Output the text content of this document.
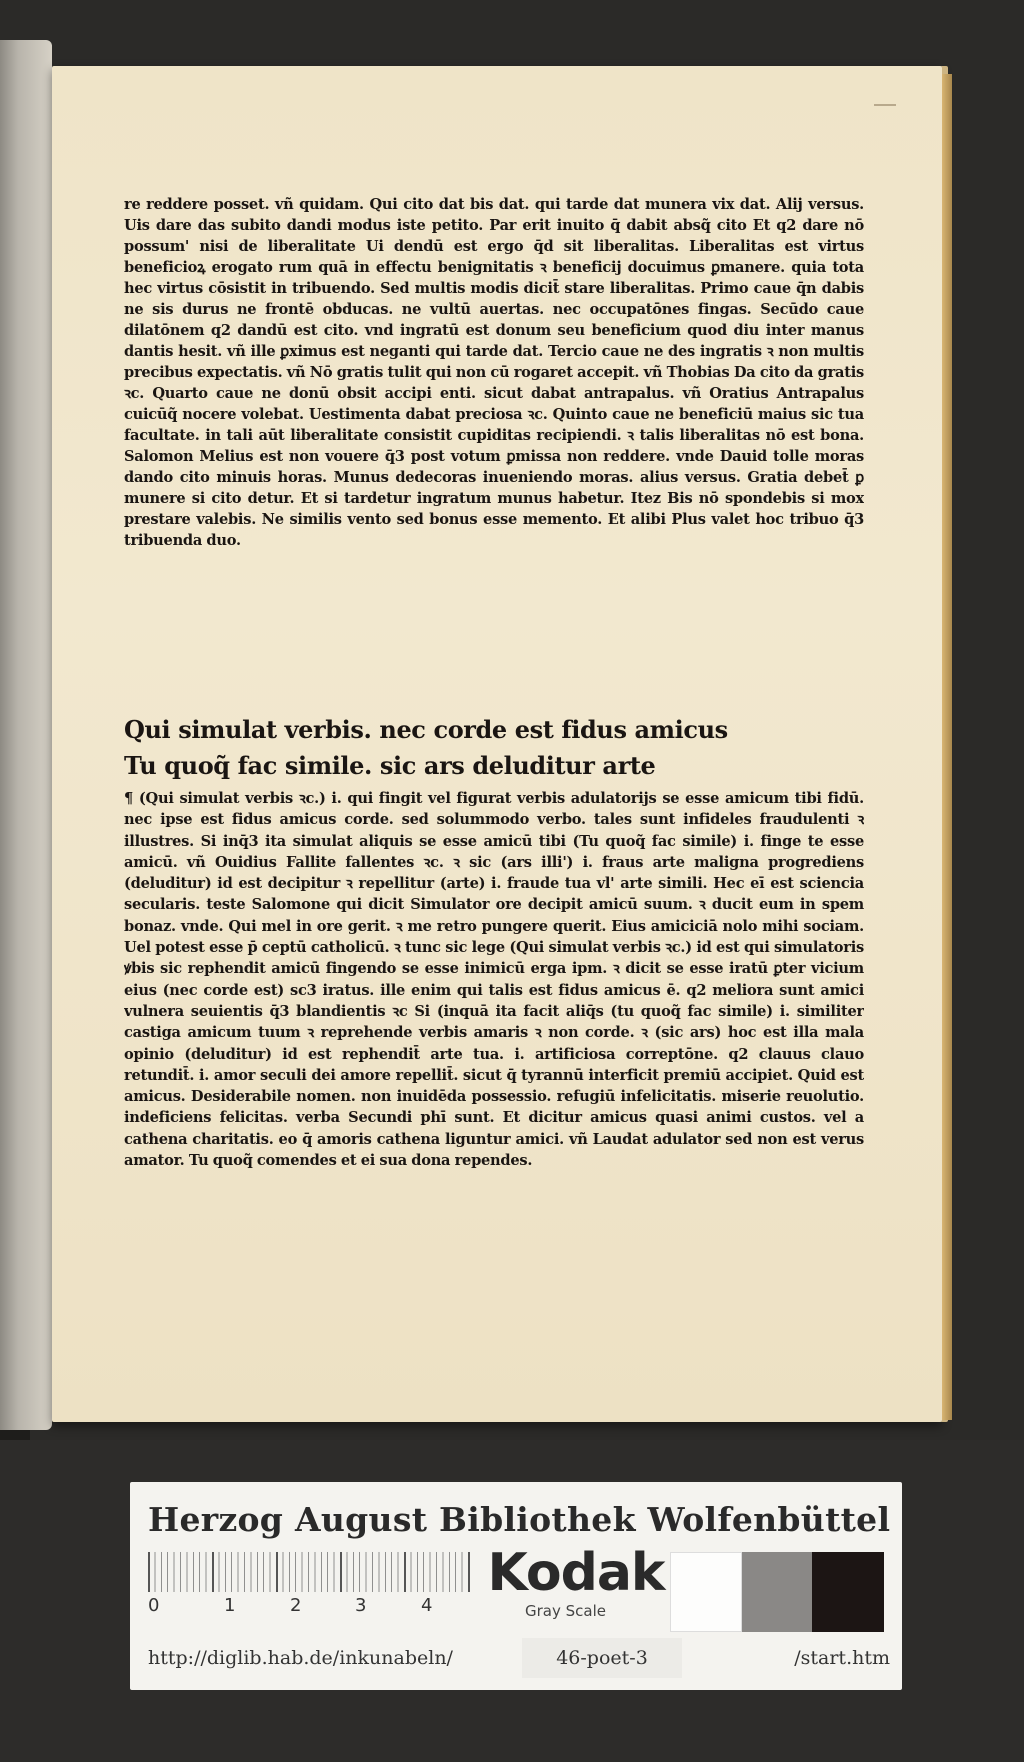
re reddere posset. vñ quidam. Qui cito dat bis dat. qui tarde dat munera vix dat. Alij versus. Uis dare das subito dandi modus iste petito. Par erit inuito q̄ dabit absq̃ cito Et q2 dare nō possum' nisi de liberalitate Ui dendū est ergo q̄d sit liberalitas. Liberalitas est virtus beneficioꝝ erogato rum quā in effectu benignitatis ꝛ beneficij docuimus ꝑmanere. quia tota hec virtus cōsistit in tribuendo. Sed multis modis dicit̄ stare liberalitas. Primo caue q̄n dabis ne sis durus ne frontē obducas. ne vultū auertas. nec occupatōnes fingas. Secūdo caue dilatōnem q2 dandū est cito. vnd ingratū est donum seu beneficium quod diu inter manus dantis hesit. vñ ille ꝑximus est neganti qui tarde dat. Tercio caue ne des ingratis ꝛ non multis precibus expectatis. vñ Nō gratis tulit qui non cū rogaret accepit. vñ Thobias Da cito da gratis ꝛc. Quarto caue ne donū obsit accipi enti. sicut dabat antrapalus. vñ Oratius Antrapalus cuicūq̃ nocere volebat. Uestimenta dabat preciosa ꝛc. Quinto caue ne beneficiū maius sic tua facultate. in tali aūt liberalitate consistit cupiditas recipiendi. ꝛ talis liberalitas nō est bona. Salomon Melius est non vouere q̄3 post votum ꝑmissa non reddere. vnde Dauid tolle moras dando cito minuis horas. Munus dedecoras inueniendo moras. alius versus. Gratia debet̄ ꝑ munere si cito detur. Et si tardetur ingratum munus habetur. Itez Bis nō spondebis si mox prestare valebis. Ne similis vento sed bonus esse memento. Et alibi Plus valet hoc tribuo q̄3 tribuenda duo.

Qui simulat verbis. nec corde est fidus amicus

Tu quoq̃ fac simile. sic ars deluditur arte

¶ (Qui simulat verbis ꝛc.) i. qui fingit vel figurat verbis adulatorijs se esse amicum tibi fidū. nec ipse est fidus amicus corde. sed solummodo verbo. tales sunt infideles fraudulenti ꝛ illustres. Si inq̄3 ita simulat aliquis se esse amicū tibi (Tu quoq̃ fac simile) i. finge te esse amicū. vñ Ouidius Fallite fallentes ꝛc. ꝛ sic (ars illi') i. fraus arte maligna progrediens (deluditur) id est decipitur ꝛ repellitur (arte) i. fraude tua vl' arte simili. Hec eī est sciencia secularis. teste Salomone qui dicit Simulator ore decipit amicū suum. ꝛ ducit eum in spem bonaz. vnde. Qui mel in ore gerit. ꝛ me retro pungere querit. Eius amiciciā nolo mihi sociam. Uel potest esse p̄ ceptū catholicū. ꝛ tunc sic lege (Qui simulat verbis ꝛc.) id est qui simulatoris ꝟbis sic rephendit amicū fingendo se esse inimicū erga ipm. ꝛ dicit se esse iratū ꝑter vicium eius (nec corde est) sc3 iratus. ille enim qui talis est fidus amicus ē. q2 meliora sunt amici vulnera seuientis q̄3 blandientis ꝛc Si (inquā ita facit aliq̄s (tu quoq̃ fac simile) i. similiter castiga amicum tuum ꝛ reprehende verbis amaris ꝛ non corde. ꝛ (sic ars) hoc est illa mala opinio (deluditur) id est rephendit̄ arte tua. i. artificiosa correptōne. q2 clauus clauo retundit̄. i. amor seculi dei amore repellit̄. sicut q̄ tyrannū interficit premiū accipiet. Quid est amicus. Desiderabile nomen. non inuidēda possessio. refugiū infelicitatis. miserie reuolutio. indeficiens felicitas. verba Secundi phī sunt. Et dicitur amicus quasi animi custos. vel a cathena charitatis. eo q̄ amoris cathena liguntur amici. vñ Laudat adulator sed non est verus amator. Tu quoq̃ comendes et ei sua dona rependes.

Herzog August Bibliothek Wolfenbüttel
0	1	2	3	4
Kodak
Gray Scale
http://diglib.hab.de/inkunabeln/	46-poet-3	/start.htm
